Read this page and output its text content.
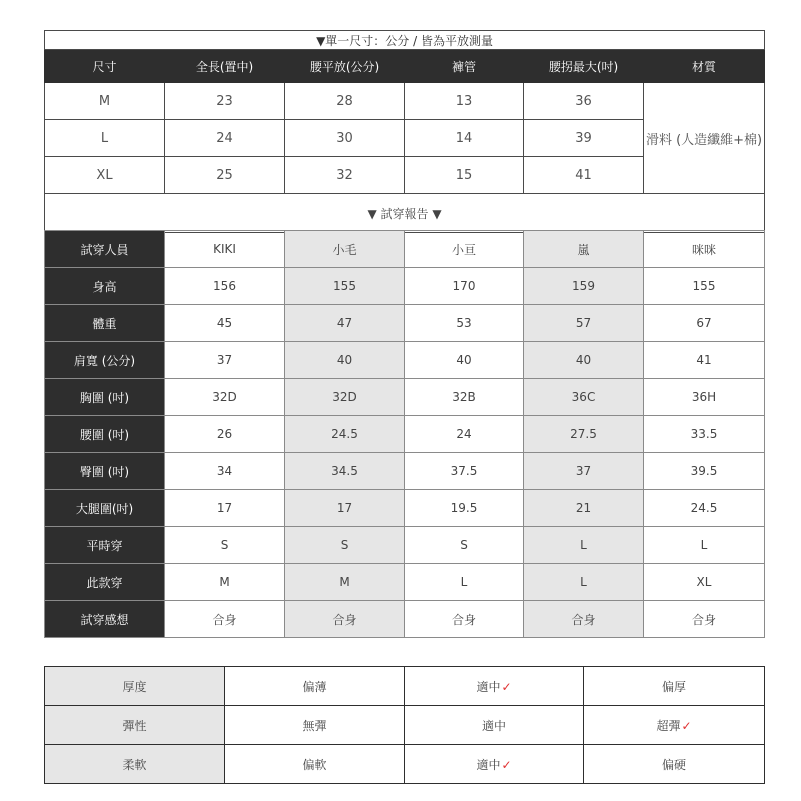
▼單一尺寸：公分 / 皆為平放測量					
尺寸	全長(置中)	腰平放(公分)	褲管	腰拐最大(吋)	材質
M	23	28	13	36	滑料 (人造纖維+棉)
L	24	30	14	39	
XL	25	32	15	41	
▼ 試穿報告 ▼					
試穿人員	KIKI	小毛	小亘	嵐	咪咪
身高	156	155	170	159	155
體重	45	47	53	57	67
肩寬 (公分)	37	40	40	40	41
胸圍 (吋)	32D	32D	32B	36C	36H
腰圍 (吋)	26	24.5	24	27.5	33.5
臀圍 (吋)	34	34.5	37.5	37	39.5
大腿圍(吋)	17	17	19.5	21	24.5
平時穿	S	S	S	L	L
此款穿	M	M	L	L	XL
試穿感想	合身	合身	合身	合身	合身
厚度	偏薄	適中✓	偏厚
彈性	無彈	適中	超彈✓
柔軟	偏軟	適中✓	偏硬
